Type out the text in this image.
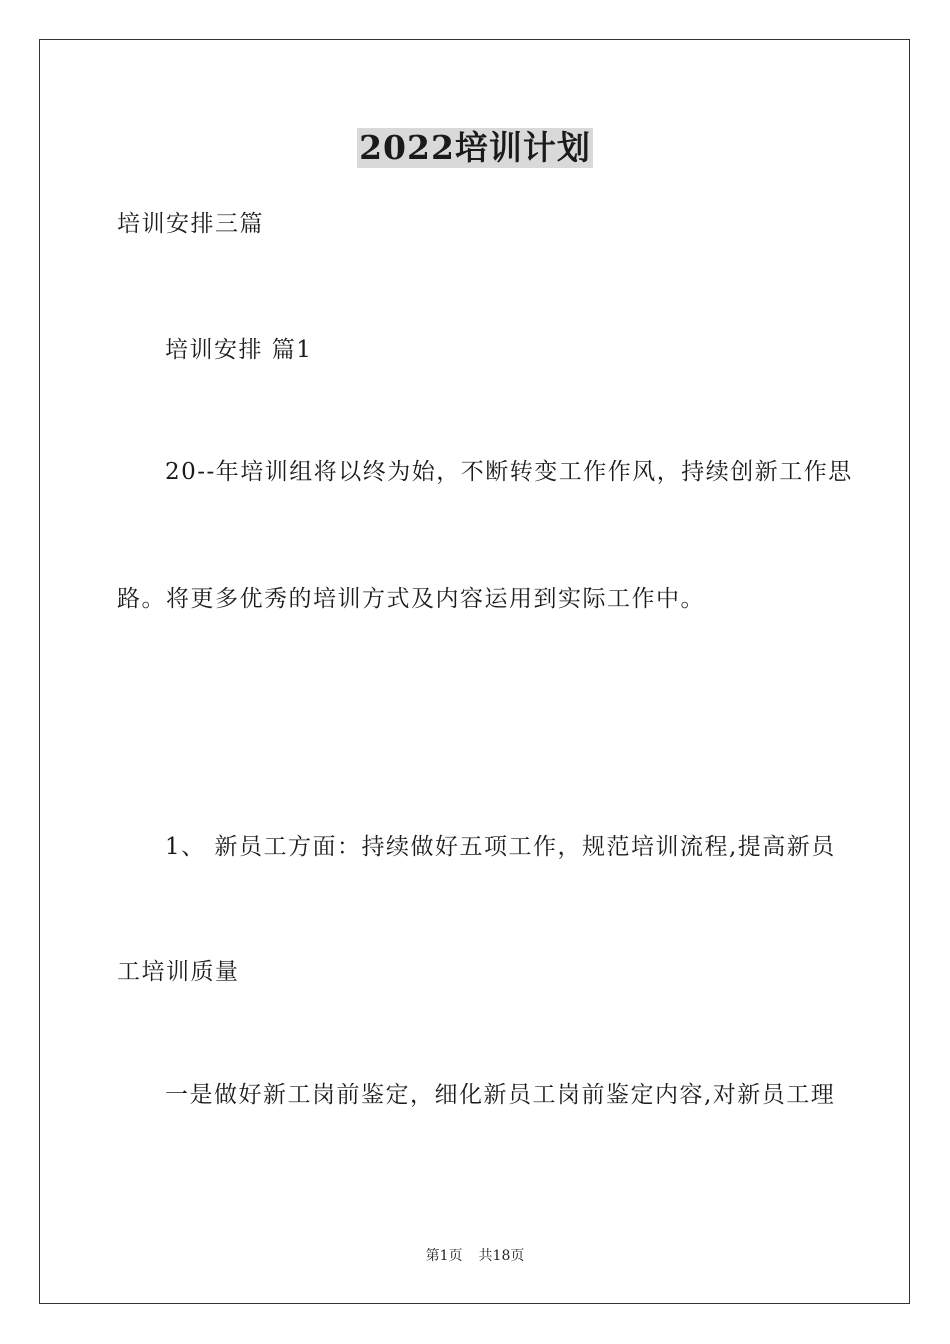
2022培训计划
培训安排三篇
培训安排 篇1
20--年培训组将以终为始，不断转变工作作风，持续创新工作思
路。将更多优秀的培训方式及内容运用到实际工作中。
1、 新员工方面：持续做好五项工作，规范培训流程,提高新员
工培训质量
一是做好新工岗前鉴定，细化新员工岗前鉴定内容,对新员工理
第1页 共18页
